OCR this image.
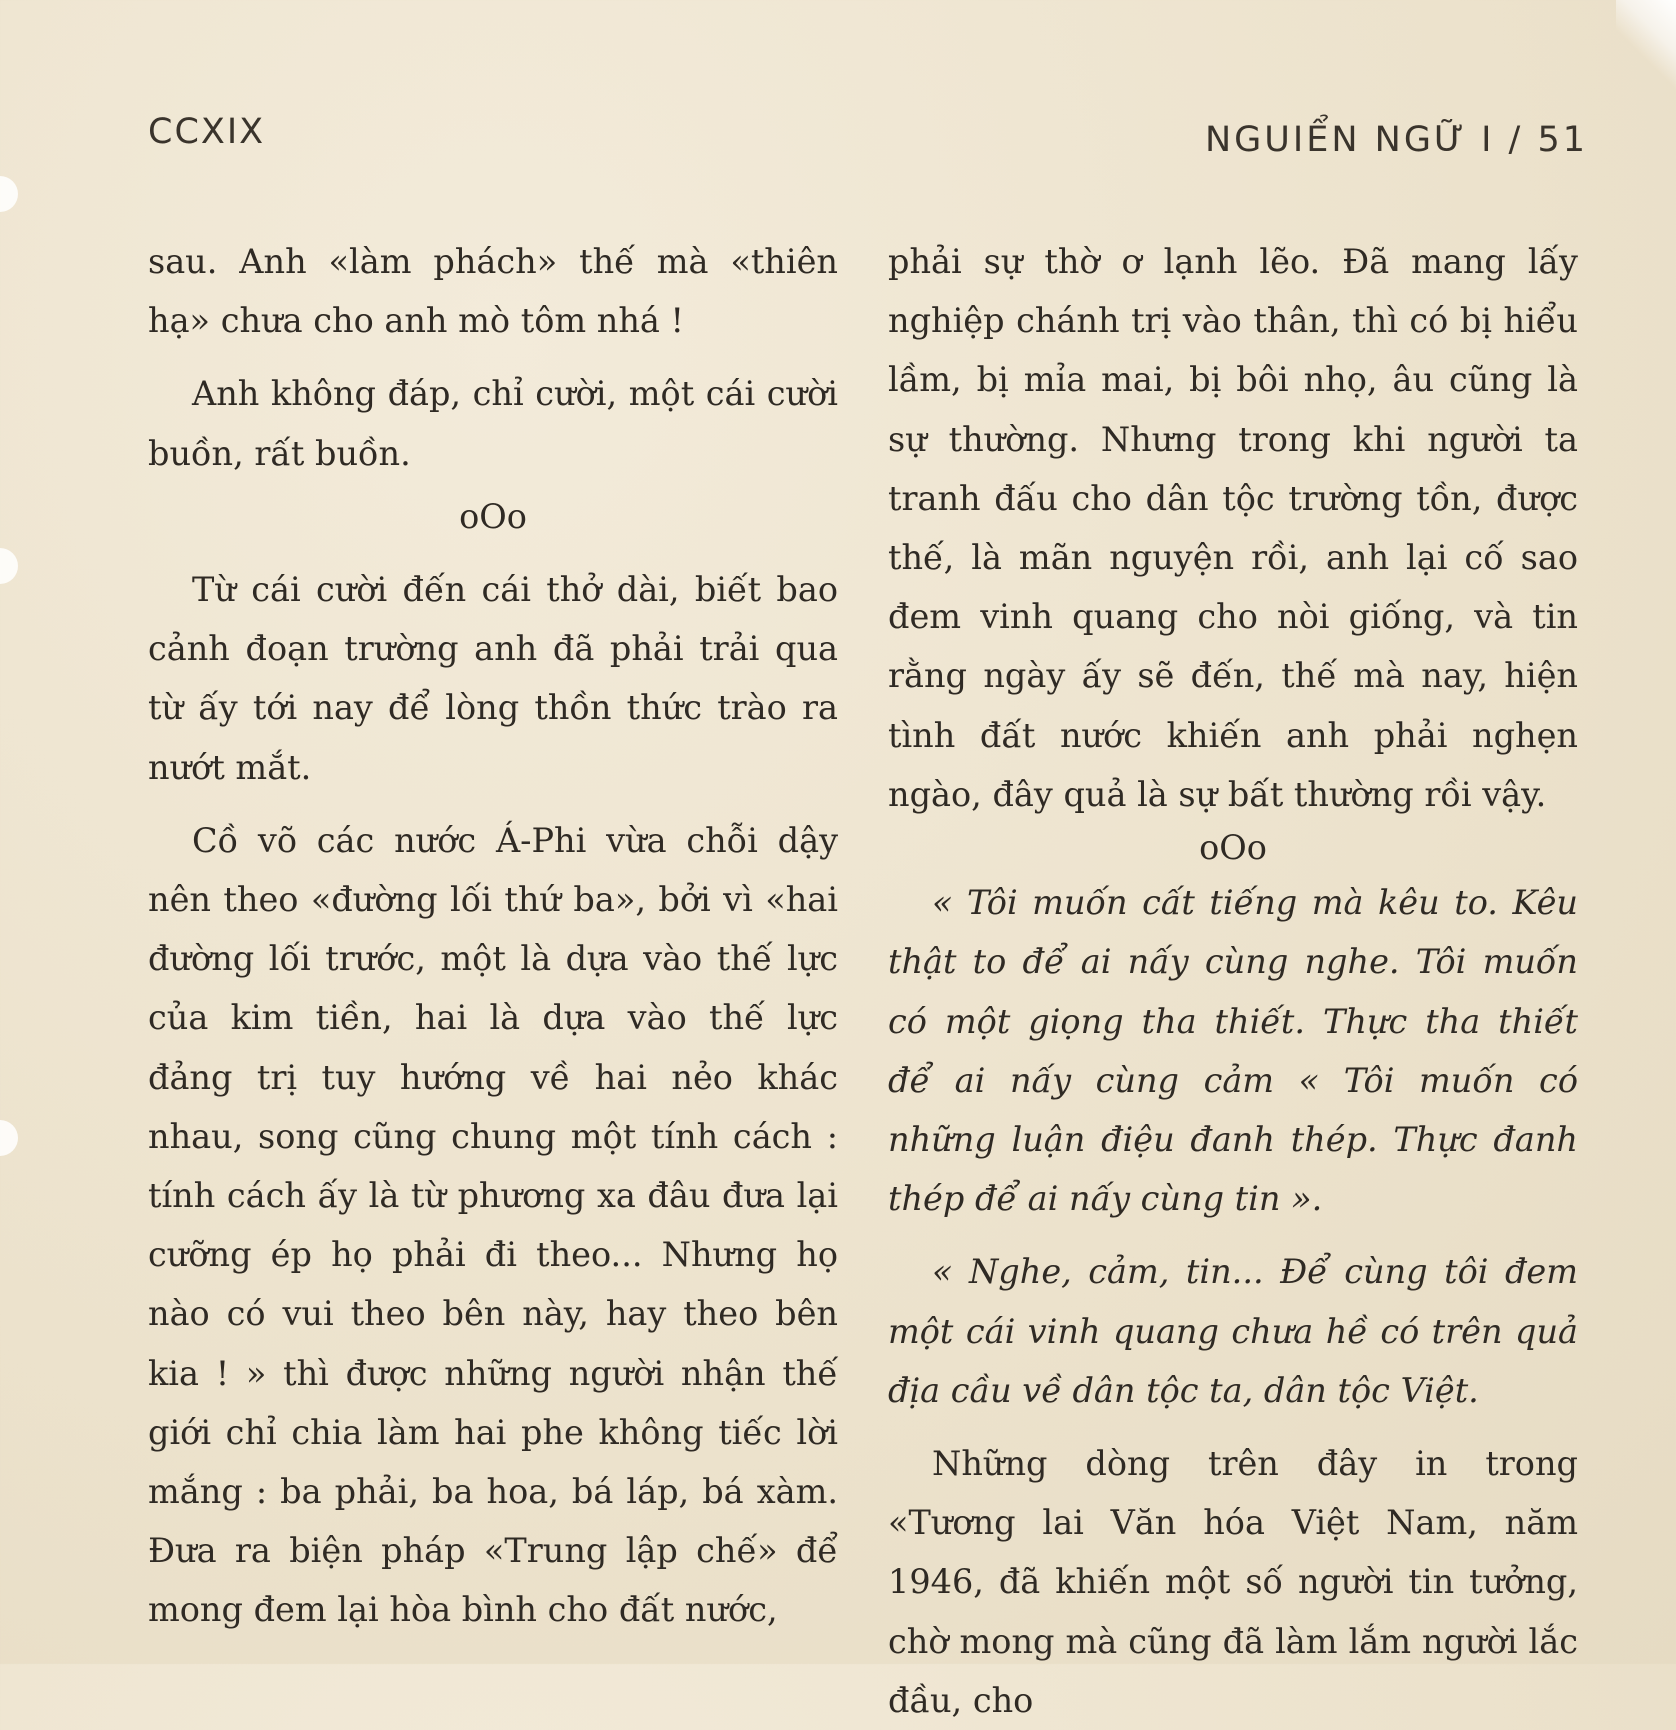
CCXIX	NGUIỂN NGỮ I / 51

sau. Anh «làm phách» thế mà «thiên hạ» chưa cho anh mò tôm nhá !

Anh không đáp, chỉ cười, một cái cười buồn, rất buồn.

oOo

Từ cái cười đến cái thở dài, biết bao cảnh đoạn trường anh đã phải trải qua từ ấy tới nay để lòng thồn thức trào ra nướt mắt.

Cồ võ các nước Á-Phi vừa chỗi dậy nên theo «đường lối thứ ba», bởi vì «hai đường lối trước, một là dựa vào thế lực của kim tiền, hai là dựa vào thế lực đảng trị tuy hướng về hai nẻo khác nhau, song cũng chung một tính cách : tính cách ấy là từ phương xa đâu đưa lại cưỡng ép họ phải đi theo... Nhưng họ nào có vui theo bên này, hay theo bên kia ! » thì được những người nhận thế giới chỉ chia làm hai phe không tiếc lời mắng : ba phải, ba hoa, bá láp, bá xàm. Đưa ra biện pháp «Trung lập chế» để mong đem lại hòa bình cho đất nước,

phải sự thờ ơ lạnh lẽo. Đã mang lấy nghiệp chánh trị vào thân, thì có bị hiểu lầm, bị mỉa mai, bị bôi nhọ, âu cũng là sự thường. Nhưng trong khi người ta tranh đấu cho dân tộc trường tồn, được thế, là mãn nguyện rồi, anh lại cố sao đem vinh quang cho nòi giống, và tin rằng ngày ấy sẽ đến, thế mà nay, hiện tình đất nước khiến anh phải nghẹn ngào, đây quả là sự bất thường rồi vậy.

oOo

« Tôi muốn cất tiếng mà kêu to. Kêu thật to để ai nấy cùng nghe. Tôi muốn có một giọng tha thiết. Thực tha thiết để ai nấy cùng cảm « Tôi muốn có những luận điệu đanh thép. Thực đanh thép để ai nấy cùng tin ».

« Nghe, cảm, tin... Để cùng tôi đem một cái vinh quang chưa hề có trên quả địa cầu về dân tộc ta, dân tộc Việt.

Những dòng trên đây in trong «Tương lai Văn hóa Việt Nam, năm 1946, đã khiến một số người tin tưởng, chờ mong mà cũng đã làm lắm người lắc đầu, cho
